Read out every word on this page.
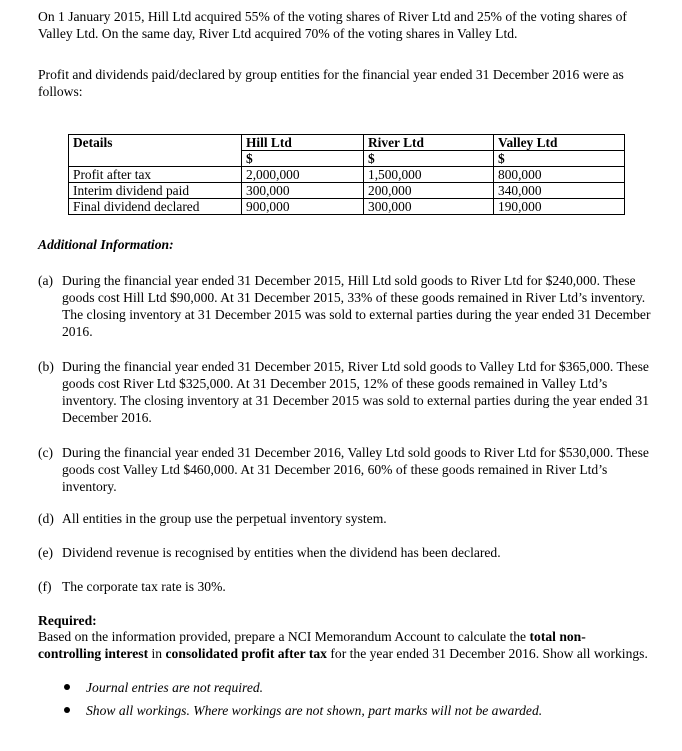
On 1 January 2015, Hill Ltd acquired 55% of the voting shares of River Ltd and 25% of the voting shares of Valley Ltd. On the same day, River Ltd acquired 70% of the voting shares in Valley Ltd.

Profit and dividends paid/declared by group entities for the financial year ended 31 December 2016 were as follows:

Details	Hill Ltd	River Ltd	Valley Ltd
	$	$	$
Profit after tax	2,000,000	1,500,000	800,000
Interim dividend paid	300,000	200,000	340,000
Final dividend declared	900,000	300,000	190,000

Additional Information:

(a) During the financial year ended 31 December 2015, Hill Ltd sold goods to River Ltd for $240,000. These goods cost Hill Ltd $90,000. At 31 December 2015, 33% of these goods remained in River Ltd’s inventory. The closing inventory at 31 December 2015 was sold to external parties during the year ended 31 December 2016.
(b) During the financial year ended 31 December 2015, River Ltd sold goods to Valley Ltd for $365,000. These goods cost River Ltd $325,000. At 31 December 2015, 12% of these goods remained in Valley Ltd’s inventory. The closing inventory at 31 December 2015 was sold to external parties during the year ended 31 December 2016.
(c) During the financial year ended 31 December 2016, Valley Ltd sold goods to River Ltd for $530,000. These goods cost Valley Ltd $460,000. At 31 December 2016, 60% of these goods remained in River Ltd’s inventory.
(d) All entities in the group use the perpetual inventory system.
(e) Dividend revenue is recognised by entities when the dividend has been declared.
(f) The corporate tax rate is 30%.

Required:

Based on the information provided, prepare a NCI Memorandum Account to calculate the total non-controlling interest in consolidated profit after tax for the year ended 31 December 2016. Show all workings.

Journal entries are not required.
Show all workings. Where workings are not shown, part marks will not be awarded.
